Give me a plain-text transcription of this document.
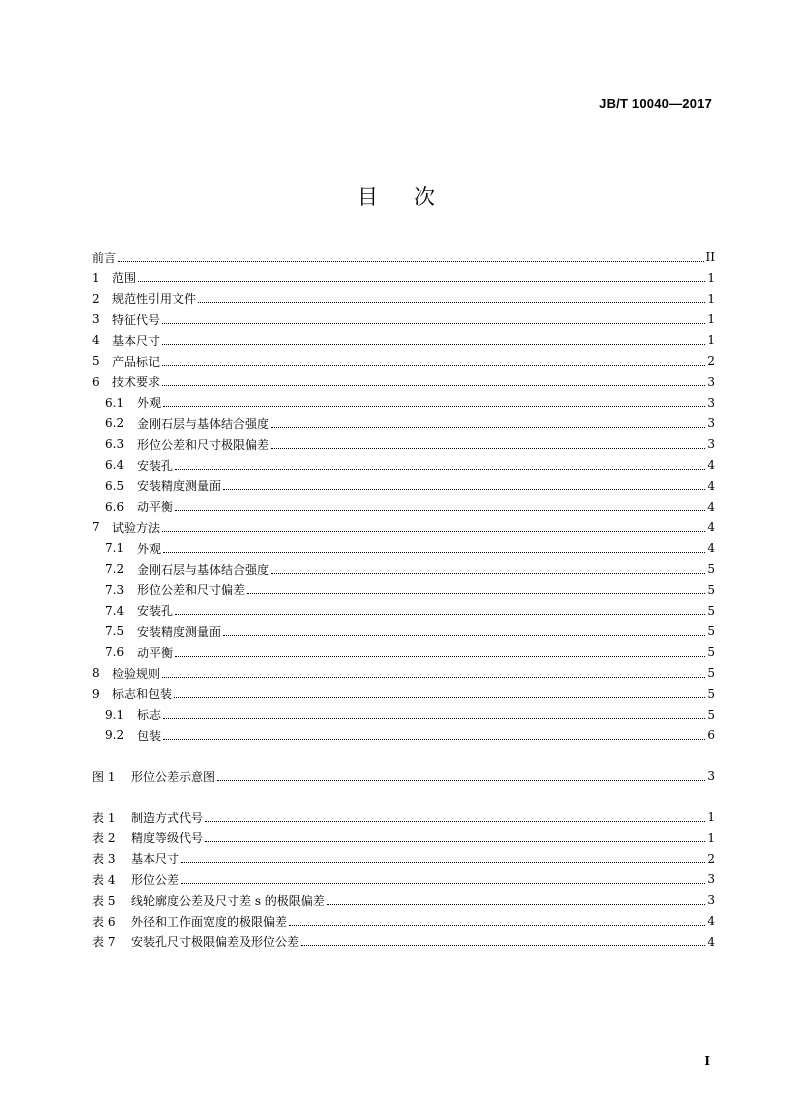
JB/T 10040—2017
目次
前言	II
1	范围	1
2	规范性引用文件	1
3	特征代号	1
4	基本尺寸	1
5	产品标记	2
6	技术要求	3
6.1	外观	3
6.2	金刚石层与基体结合强度	3
6.3	形位公差和尺寸极限偏差	3
6.4	安装孔	4
6.5	安装精度测量面	4
6.6	动平衡	4
7	试验方法	4
7.1	外观	4
7.2	金刚石层与基体结合强度	5
7.3	形位公差和尺寸偏差	5
7.4	安装孔	5
7.5	安装精度测量面	5
7.6	动平衡	5
8	检验规则	5
9	标志和包装	5
9.1	标志	5
9.2	包装	6
图 1	形位公差示意图	3
表 1	制造方式代号	1
表 2	精度等级代号	1
表 3	基本尺寸	2
表 4	形位公差	3
表 5	线轮廓度公差及尺寸差 s 的极限偏差	3
表 6	外径和工作面宽度的极限偏差	4
表 7	安装孔尺寸极限偏差及形位公差	4
I
